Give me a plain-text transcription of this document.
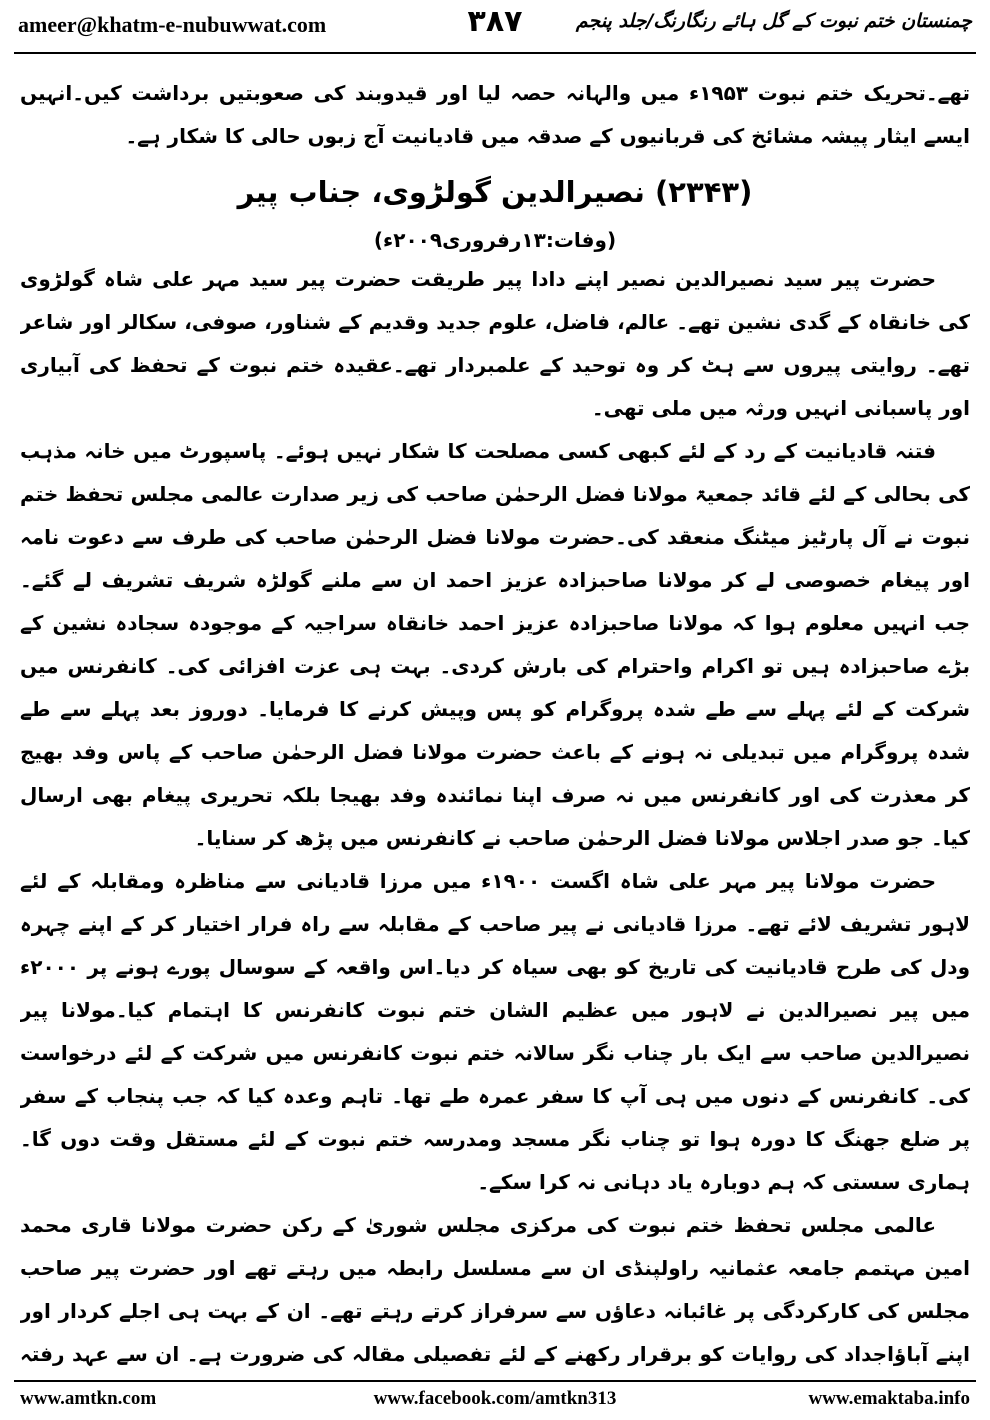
ameer@khatm-e-nubuwwat.com	۳۸۷	چمنستان ختم نبوت کے گل ہائے رنگارنگ/جلد پنجم

تھے۔تحریک ختم نبوت ۱۹۵۳ء میں والہانہ حصہ لیا اور قیدوبند کی صعوبتیں برداشت کیں۔انہیں ایسے ایثار پیشہ مشائخ کی قربانیوں کے صدقہ میں قادیانیت آج زبوں حالی کا شکار ہے۔

(۲۳۴۳) نصیرالدین گولڑوی، جناب پیر

(وفات:۱۳رفروری۲۰۰۹ء)

حضرت پیر سید نصیرالدین نصیر اپنے دادا پیر طریقت حضرت پیر سید مہر علی شاہ گولڑوی کی خانقاہ کے گدی نشین تھے۔ عالم، فاضل، علوم جدید وقدیم کے شناور، صوفی، سکالر اور شاعر تھے۔ روایتی پیروں سے ہٹ کر وہ توحید کے علمبردار تھے۔عقیدہ ختم نبوت کے تحفظ کی آبیاری اور پاسبانی انہیں ورثہ میں ملی تھی۔

فتنہ قادیانیت کے رد کے لئے کبھی کسی مصلحت کا شکار نہیں ہوئے۔ پاسپورٹ میں خانہ مذہب کی بحالی کے لئے قائد جمعیۃ مولانا فضل الرحمٰن صاحب کی زیر صدارت عالمی مجلس تحفظ ختم نبوت نے آل پارٹیز میٹنگ منعقد کی۔حضرت مولانا فضل الرحمٰن صاحب کی طرف سے دعوت نامہ اور پیغام خصوصی لے کر مولانا صاحبزادہ عزیز احمد ان سے ملنے گولڑہ شریف تشریف لے گئے۔ جب انہیں معلوم ہوا کہ مولانا صاحبزادہ عزیز احمد خانقاہ سراجیہ کے موجودہ سجادہ نشین کے بڑے صاحبزادہ ہیں تو اکرام واحترام کی بارش کردی۔ بہت ہی عزت افزائی کی۔ کانفرنس میں شرکت کے لئے پہلے سے طے شدہ پروگرام کو پس وپیش کرنے کا فرمایا۔ دوروز بعد پہلے سے طے شدہ پروگرام میں تبدیلی نہ ہونے کے باعث حضرت مولانا فضل الرحمٰن صاحب کے پاس وفد بھیج کر معذرت کی اور کانفرنس میں نہ صرف اپنا نمائندہ وفد بھیجا بلکہ تحریری پیغام بھی ارسال کیا۔ جو صدر اجلاس مولانا فضل الرحمٰن صاحب نے کانفرنس میں پڑھ کر سنایا۔

حضرت مولانا پیر مہر علی شاہ اگست ۱۹۰۰ء میں مرزا قادیانی سے مناظرہ ومقابلہ کے لئے لاہور تشریف لائے تھے۔ مرزا قادیانی نے پیر صاحب کے مقابلہ سے راہ فرار اختیار کر کے اپنے چہرہ ودل کی طرح قادیانیت کی تاریخ کو بھی سیاہ کر دیا۔اس واقعہ کے سوسال پورے ہونے پر ۲۰۰۰ء میں پیر نصیرالدین نے لاہور میں عظیم الشان ختم نبوت کانفرنس کا اہتمام کیا۔مولانا پیر نصیرالدین صاحب سے ایک بار چناب نگر سالانہ ختم نبوت کانفرنس میں شرکت کے لئے درخواست کی۔ کانفرنس کے دنوں میں ہی آپ کا سفر عمرہ طے تھا۔ تاہم وعدہ کیا کہ جب پنجاب کے سفر پر ضلع جھنگ کا دورہ ہوا تو چناب نگر مسجد ومدرسہ ختم نبوت کے لئے مستقل وقت دوں گا۔ ہماری سستی کہ ہم دوبارہ یاد دہانی نہ کرا سکے۔

عالمی مجلس تحفظ ختم نبوت کی مرکزی مجلس شوریٰ کے رکن حضرت مولانا قاری محمد امین مہتمم جامعہ عثمانیہ راولپنڈی ان سے مسلسل رابطہ میں رہتے تھے اور حضرت پیر صاحب مجلس کی کارکردگی پر غائبانہ دعاؤں سے سرفراز کرتے رہتے تھے۔ ان کے بہت ہی اجلے کردار اور اپنے آباؤاجداد کی روایات کو برقرار رکھنے کے لئے تفصیلی مقالہ کی ضرورت ہے۔ ان سے عہد رفتہ

www.amtkn.com	www.facebook.com/amtkn313	www.emaktaba.info
